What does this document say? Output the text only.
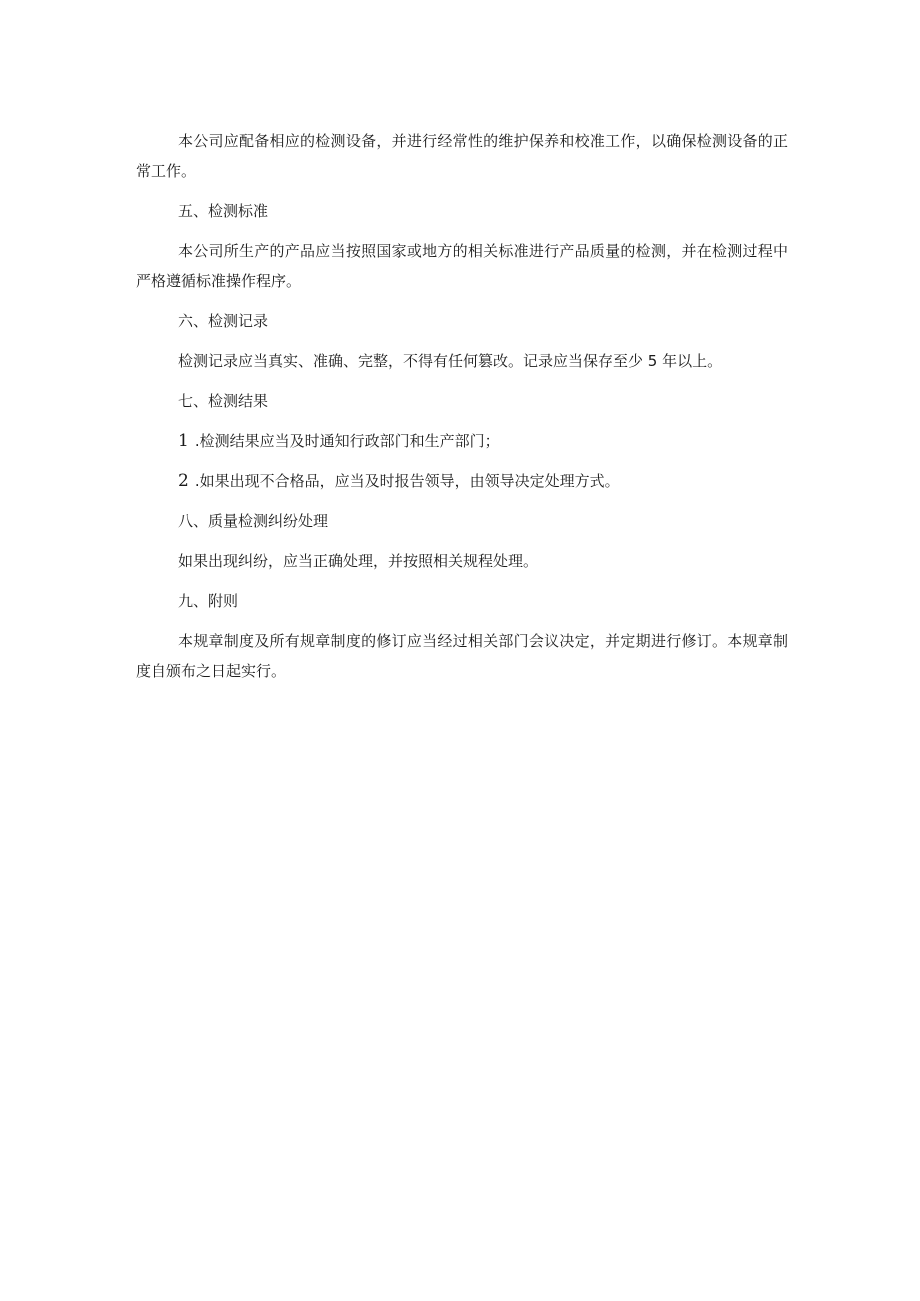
本公司应配备相应的检测设备，并进行经常性的维护保养和校准工作，以确保检测设备的正常工作。

五、检测标准

本公司所生产的产品应当按照国家或地方的相关标准进行产品质量的检测，并在检测过程中严格遵循标准操作程序。

六、检测记录

检测记录应当真实、准确、完整，不得有任何篡改。记录应当保存至少 5 年以上。

七、检测结果

1 .检测结果应当及时通知行政部门和生产部门；

2 .如果出现不合格品，应当及时报告领导，由领导决定处理方式。

八、质量检测纠纷处理

如果出现纠纷，应当正确处理，并按照相关规程处理。

九、附则

本规章制度及所有规章制度的修订应当经过相关部门会议决定，并定期进行修订。本规章制度自颁布之日起实行。
